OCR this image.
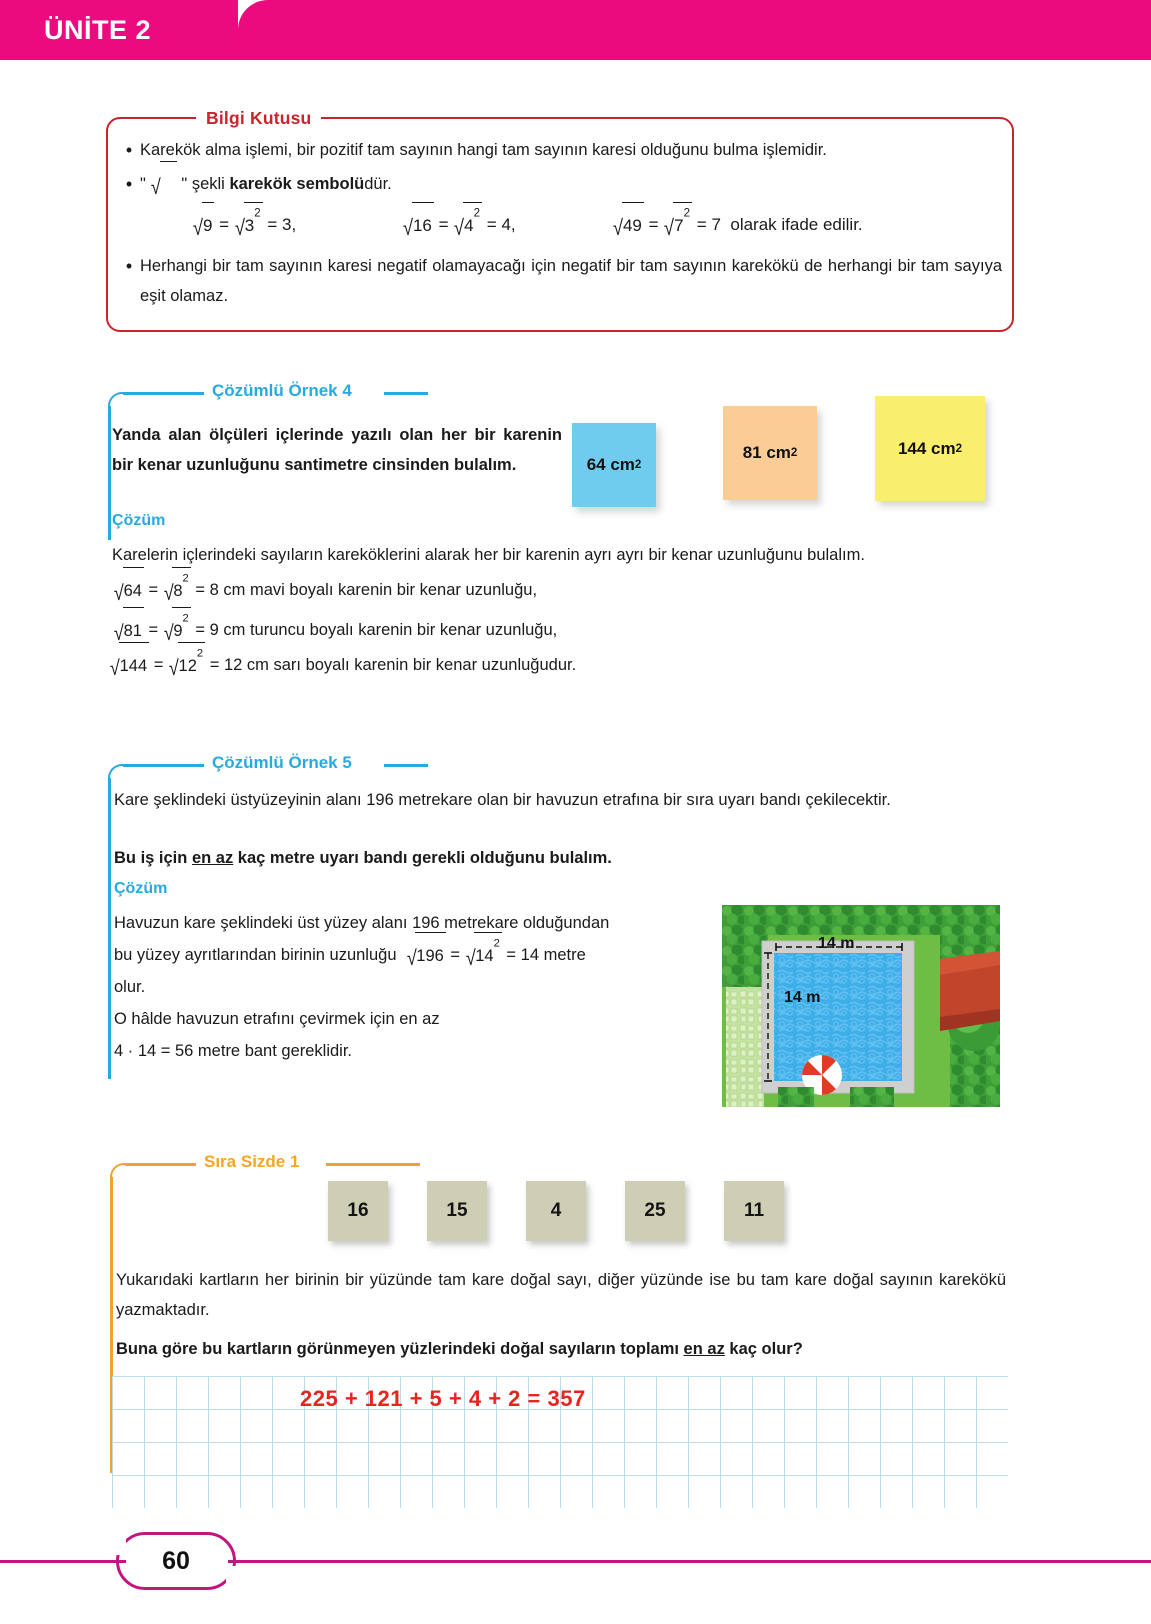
ÜNİTE 2
Bilgi Kutusu
• Karekök alma işlemi, bir pozitif tam sayının hangi tam sayının karesi olduğunu bulma işlemidir.
• " √    " şekli karekök sembolüdür.
$√9 = √3^2 = 3$,	$√16 = √4^2 = 4$,	$√49 = √7^2 = 7$ olarak ifade edilir.
• Herhangi bir tam sayının karesi negatif olamayacağı için negatif bir tam sayının karekökü de herhangi bir tam sayıya eşit olamaz.
Çözümlü Örnek 4
Yanda alan ölçüleri içlerinde yazılı olan her bir karenin bir kenar uzunluğunu santimetre cinsinden bulalım.	64 cm 2
81 cm 2	144 cm 2
Çözüm
Karelerin içlerindeki sayıların kareköklerini alarak her bir karenin ayrı ayrı bir kenar uzunluğunu bulalım.
$√64 = √8^2 = 8$ cm mavi boyalı karenin bir kenar uzunluğu,
$√81 = √9^2 = 9$ cm turuncu boyalı karenin bir kenar uzunluğu,
$√144 = √12^2 = 12$ cm sarı boyalı karenin bir kenar uzunluğudur.
Çözümlü Örnek 5
Kare şeklindeki üstyüzeyinin alanı 196 metrekare olan bir havuzun etrafına bir sıra uyarı bandı çekilecektir.
Bu iş için en az kaç metre uyarı bandı gerekli olduğunu bulalım.
Çözüm
Havuzun kare şeklindeki üst yüzey alanı 196 metrekare olduğundan
bu yüzey ayrıtlarından birinin uzunluğu $√196 = √14^2 = 14$ metre
olur.
O hâlde havuzun etrafını çevirmek için en az
4 · 14 = 56 metre bant gereklidir.
14 m
14 m
Sıra Sizde 1
16	15	4	25	11
Yukarıdaki kartların her birinin bir yüzünde tam kare doğal sayı, diğer yüzünde ise bu tam kare doğal sayının karekökü yazmaktadır.
Buna göre bu kartların görünmeyen yüzlerindeki doğal sayıların toplamı en az kaç olur?
225 + 121 + 5 + 4 + 2 = 357
60
